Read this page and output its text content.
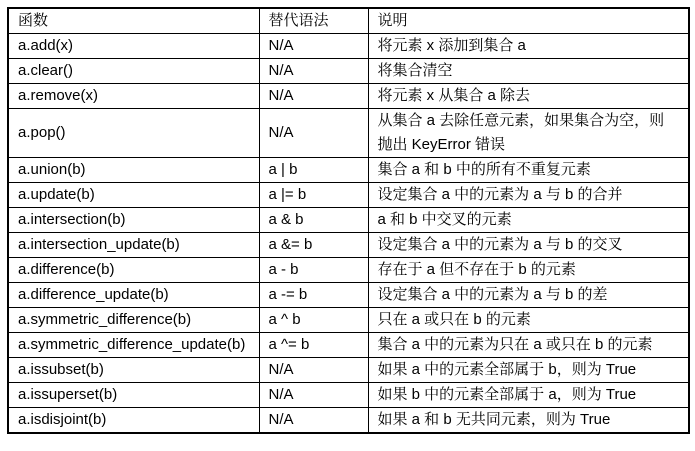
函数	替代语法	说明
a.add(x)	N/A	将元素 x 添加到集合 a
a.clear()	N/A	将集合清空
a.remove(x)	N/A	将元素 x 从集合 a 除去
a.pop()	N/A	从集合 a 去除任意元素，如果集合为空，则抛出 KeyError 错误
a.union(b)	a | b	集合 a 和 b 中的所有不重复元素
a.update(b)	a |= b	设定集合 a 中的元素为 a 与 b 的合并
a.intersection(b)	a & b	a 和 b 中交叉的元素
a.intersection_update(b)	a &= b	设定集合 a 中的元素为 a 与 b 的交叉
a.difference(b)	a - b	存在于 a 但不存在于 b 的元素
a.difference_update(b)	a -= b	设定集合 a 中的元素为 a 与 b 的差
a.symmetric_difference(b)	a ^ b	只在 a 或只在 b 的元素
a.symmetric_difference_update(b)	a ^= b	集合 a 中的元素为只在 a 或只在 b 的元素
a.issubset(b)	N/A	如果 a 中的元素全部属于 b，则为 True
a.issuperset(b)	N/A	如果 b 中的元素全部属于 a，则为 True
a.isdisjoint(b)	N/A	如果 a 和 b 无共同元素，则为 True
